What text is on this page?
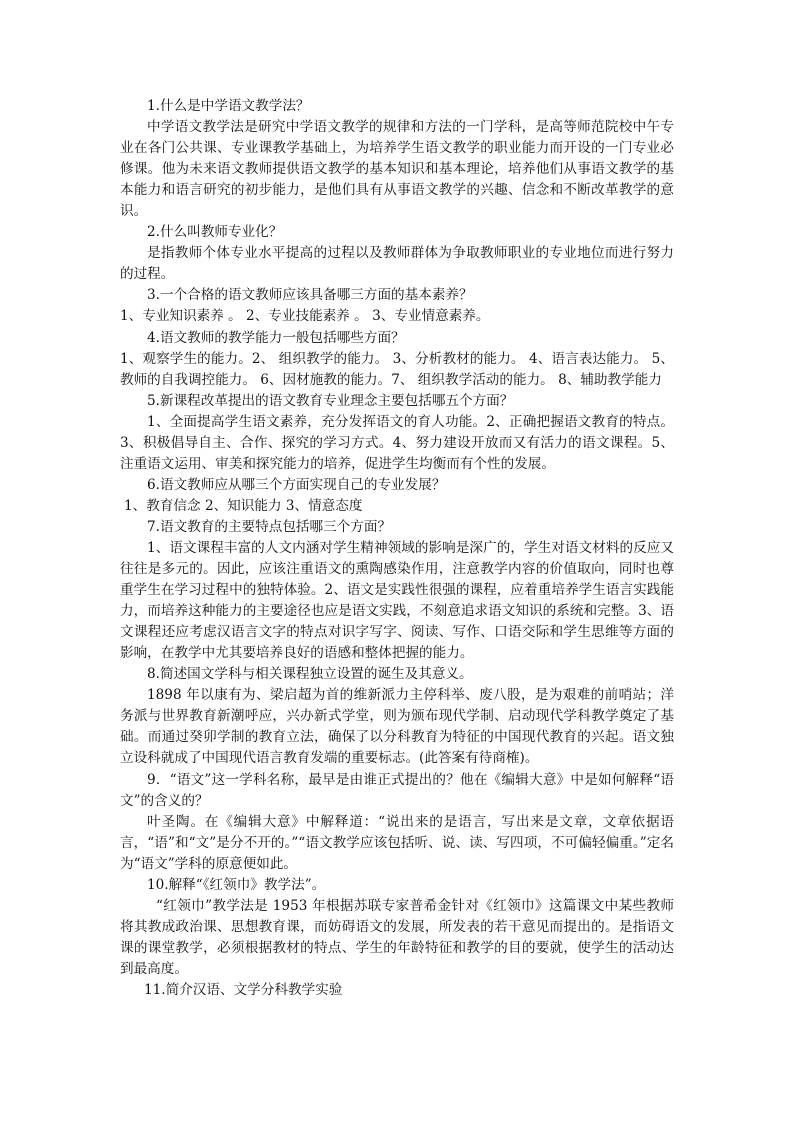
1.什么是中学语文教学法？

中学语文教学法是研究中学语文教学的规律和方法的一门学科，是高等师范院校中午专业在各门公共课、专业课教学基础上，为培养学生语文教学的职业能力而开设的一门专业必修课。他为未来语文教师提供语文教学的基本知识和基本理论，培养他们从事语文教学的基本能力和语言研究的初步能力，是他们具有从事语文教学的兴趣、信念和不断改革教学的意识。

2.什么叫教师专业化？

是指教师个体专业水平提高的过程以及教师群体为争取教师职业的专业地位而进行努力的过程。

3.一个合格的语文教师应该具备哪三方面的基本素养？

1、专业知识素养 。 2、专业技能素养 。 3、专业情意素养。

4.语文教师的教学能力一般包括哪些方面？

1、观察学生的能力。2、 组织教学的能力。 3、分析教材的能力。 4、语言表达能力。 5、教师的自我调控能力。 6、因材施教的能力。7、 组织教学活动的能力。 8、辅助教学能力

5.新课程改革提出的语文教育专业理念主要包括哪五个方面？

1、全面提高学生语文素养，充分发挥语文的育人功能。2、正确把握语文教育的特点。3、积极倡导自主、合作、探究的学习方式。4、努力建设开放而又有活力的语文课程。5、注重语文运用、审美和探究能力的培养，促进学生均衡而有个性的发展。

6.语文教师应从哪三个方面实现自己的专业发展？

1、教育信念 2、知识能力 3、情意态度

7.语文教育的主要特点包括哪三个方面？

1、语文课程丰富的人文内涵对学生精神领域的影响是深广的，学生对语文材料的反应又往往是多元的。因此，应该注重语文的熏陶感染作用，注意教学内容的价值取向，同时也尊重学生在学习过程中的独特体验。2、语文是实践性很强的课程，应着重培养学生语言实践能力，而培养这种能力的主要途径也应是语文实践，不刻意追求语文知识的系统和完整。3、语文课程还应考虑汉语言文字的特点对识字写字、阅读、写作、口语交际和学生思维等方面的影响，在教学中尤其要培养良好的语感和整体把握的能力。

8.简述国文学科与相关课程独立设置的诞生及其意义。

1898 年以康有为、梁启超为首的维新派力主停科举、废八股，是为艰难的前哨站；洋务派与世界教育新潮呼应，兴办新式学堂，则为颁布现代学制、启动现代学科教学奠定了基础。而通过癸卯学制的教育立法，确保了以分科教育为特征的中国现代教育的兴起。语文独立设科就成了中国现代语言教育发端的重要标志。(此答案有待商榷)。

9．“语文”这一学科名称，最早是由谁正式提出的？他在《编辑大意》中是如何解释“语文”的含义的？

叶圣陶。在《编辑大意》中解释道：“说出来的是语言，写出来是文章，文章依据语言，“语”和“文”是分不开的。”“语文教学应该包括听、说、读、写四项，不可偏轻偏重。”定名为“语文”学科的原意便如此。

10.解释“《红领巾》教学法”。

“红领巾”教学法是 1953 年根据苏联专家普希金针对《红领巾》这篇课文中某些教师将其教成政治课、思想教育课，而妨碍语文的发展，所发表的若干意见而提出的。是指语文课的课堂教学，必须根据教材的特点、学生的年龄特征和教学的目的要就，使学生的活动达到最高度。

11.简介汉语、文学分科教学实验
